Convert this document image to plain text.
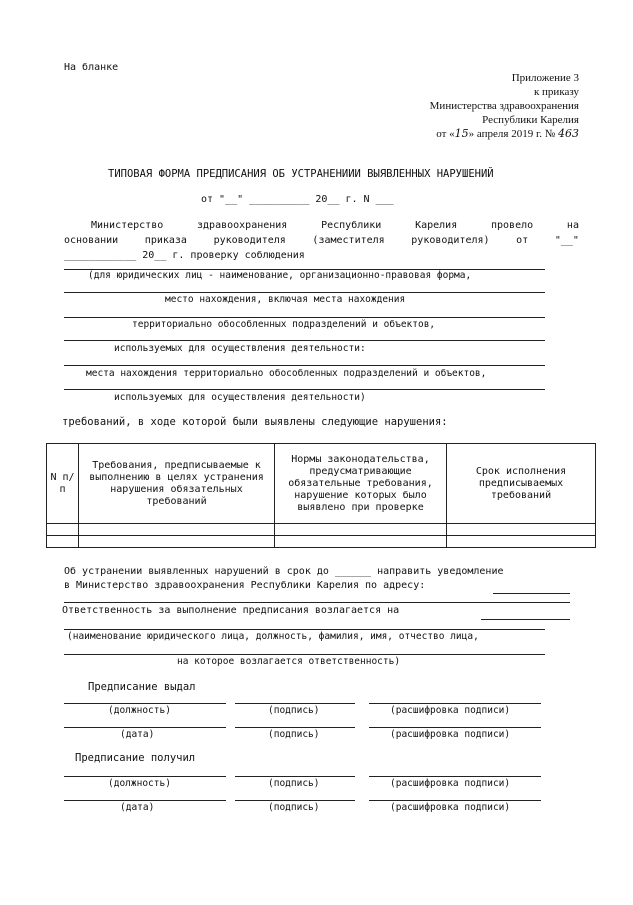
На бланке
Приложение 3
к приказу
Министерства здравоохранения
Республики Карелия
от «15» апреля 2019 г. № 463
ТИПОВАЯ ФОРМА ПРЕДПИСАНИЯ ОБ УСТРАНЕНИИИ ВЫЯВЛЕННЫХ НАРУШЕНИЙ
от "__" __________ 20__ г. N ___
Министерство	здравоохранения	Республики	Карелия	провело	на
основании	приказа	руководителя	(заместителя	руководителя)	от	"__"
____________ 20__ г. проверку соблюдения
(для юридических лиц - наименование, организационно-правовая форма,
место нахождения, включая места нахождения
территориально обособленных подразделений и объектов,
используемых для осуществления деятельности:
места нахождения территориально обособленных подразделений и объектов,
используемых для осуществления деятельности)
требований, в ходе которой были выявлены следующие нарушения:
N п/п	Требования, предписываемые к выполнению в целях устранения нарушения обязательных требований	Нормы законодательства, предусматривающие обязательные требования, нарушение которых было выявлено при проверке	Срок исполнения предписываемых требований

Об устранении выявленных нарушений в срок до ______ направить уведомление
в Министерство здравоохранения Республики Карелия по адресу:
Ответственность за выполнение предписания возлагается на
(наименование юридического лица, должность, фамилия, имя, отчество лица,
на которое возлагается ответственность)
Предписание выдал
(должность)	(подпись)	(расшифровка подписи)
(дата)	(подпись)	(расшифровка подписи)
Предписание получил
(должность)	(подпись)	(расшифровка подписи)
(дата)	(подпись)	(расшифровка подписи)
